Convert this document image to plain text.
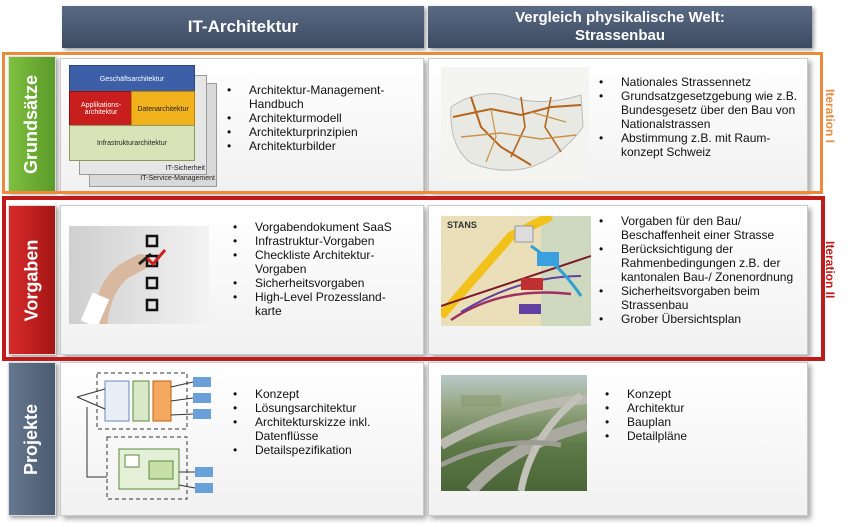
IT-Architektur	Vergleich physikalische Welt:
Strassenbau
Grundsätze
Vorgaben
Projekte
Geschäftsarchitektur
Applikations-architektur	Datenarchitektur
Infrastrukturarchitektur
IT-Sicherheit
IT-Service-Management
• Architektur-Management-Handbuch
• Architekturmodell
• Architekturprinzipien
• Architekturbilder
• Nationales Strassennetz
• Grundsatzgesetzgebung wie z.B. Bundesgesetz über den Bau von Nationalstrassen
• Abstimmung z.B. mit Raum-konzept Schweiz
• Vorgabendokument SaaS
• Infrastruktur-Vorgaben
• Checkliste Architektur-Vorgaben
• Sicherheitsvorgaben
• High-Level Prozessland-karte
STANS
•	Vorgaben für den Bau/ Beschaffenheit einer Strasse
• Berücksichtigung der Rahmenbedingungen z.B. der kantonalen Bau-/ Zonenordnung
• Sicherheitsvorgaben beim Strassenbau
• Grober Übersichtsplan
• Konzept
• Lösungsarchitektur
• Architekturskizze inkl. Datenflüsse
• Detailspezifikation
• Konzept
• Architektur
• Bauplan
• Detailpläne
Iteration I
Iteration II
